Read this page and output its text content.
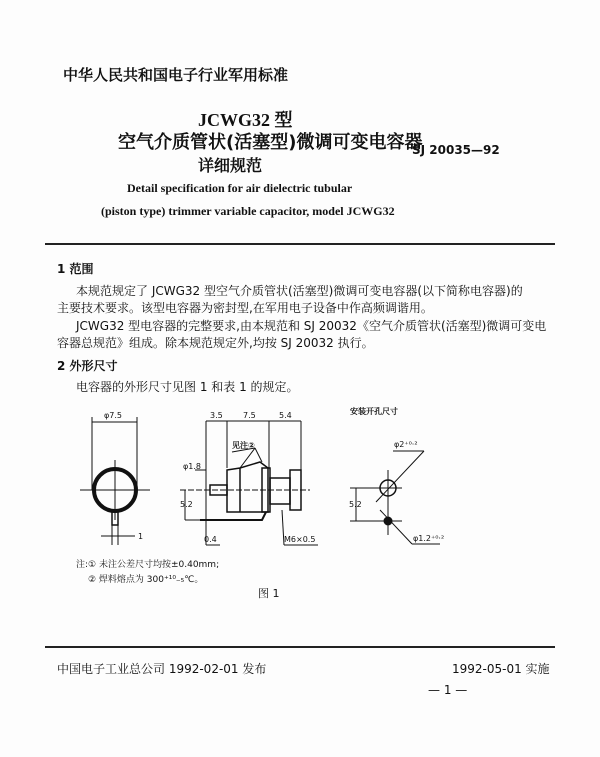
中华人民共和国电子行业军用标准
JCWG32 型
空气介质管状(活塞型)微调可变电容器
详细规范
SJ 20035—92
Detail specification for air dielectric tubular
(piston type) trimmer variable capacitor, model JCWG32
1 范围
本规范规定了 JCWG32 型空气介质管状(活塞型)微调可变电容器(以下简称电容器)的
主要技术要求。该型电容器为密封型,在军用电子设备中作高频调谐用。
JCWG32 型电容器的完整要求,由本规范和 SJ 20032《空气介质管状(活塞型)微调可变电
容器总规范》组成。除本规范规定外,均按 SJ 20032 执行。
2 外形尺寸
电容器的外形尺寸见图 1 和表 1 的规定。
φ7.5
1
3.5	7.5	5.4
见注②
φ1.8
5.2
0.4	M6×0.5
安装开孔尺寸
φ2⁺⁰·²
5.2
φ1.2⁺⁰·²
注:① 未注公差尺寸均按±0.40mm;
② 焊料熔点为 300⁺¹⁰₋₅℃。
图 1
中国电子工业总公司 1992-02-01 发布	1992-05-01 实施
— 1 —
